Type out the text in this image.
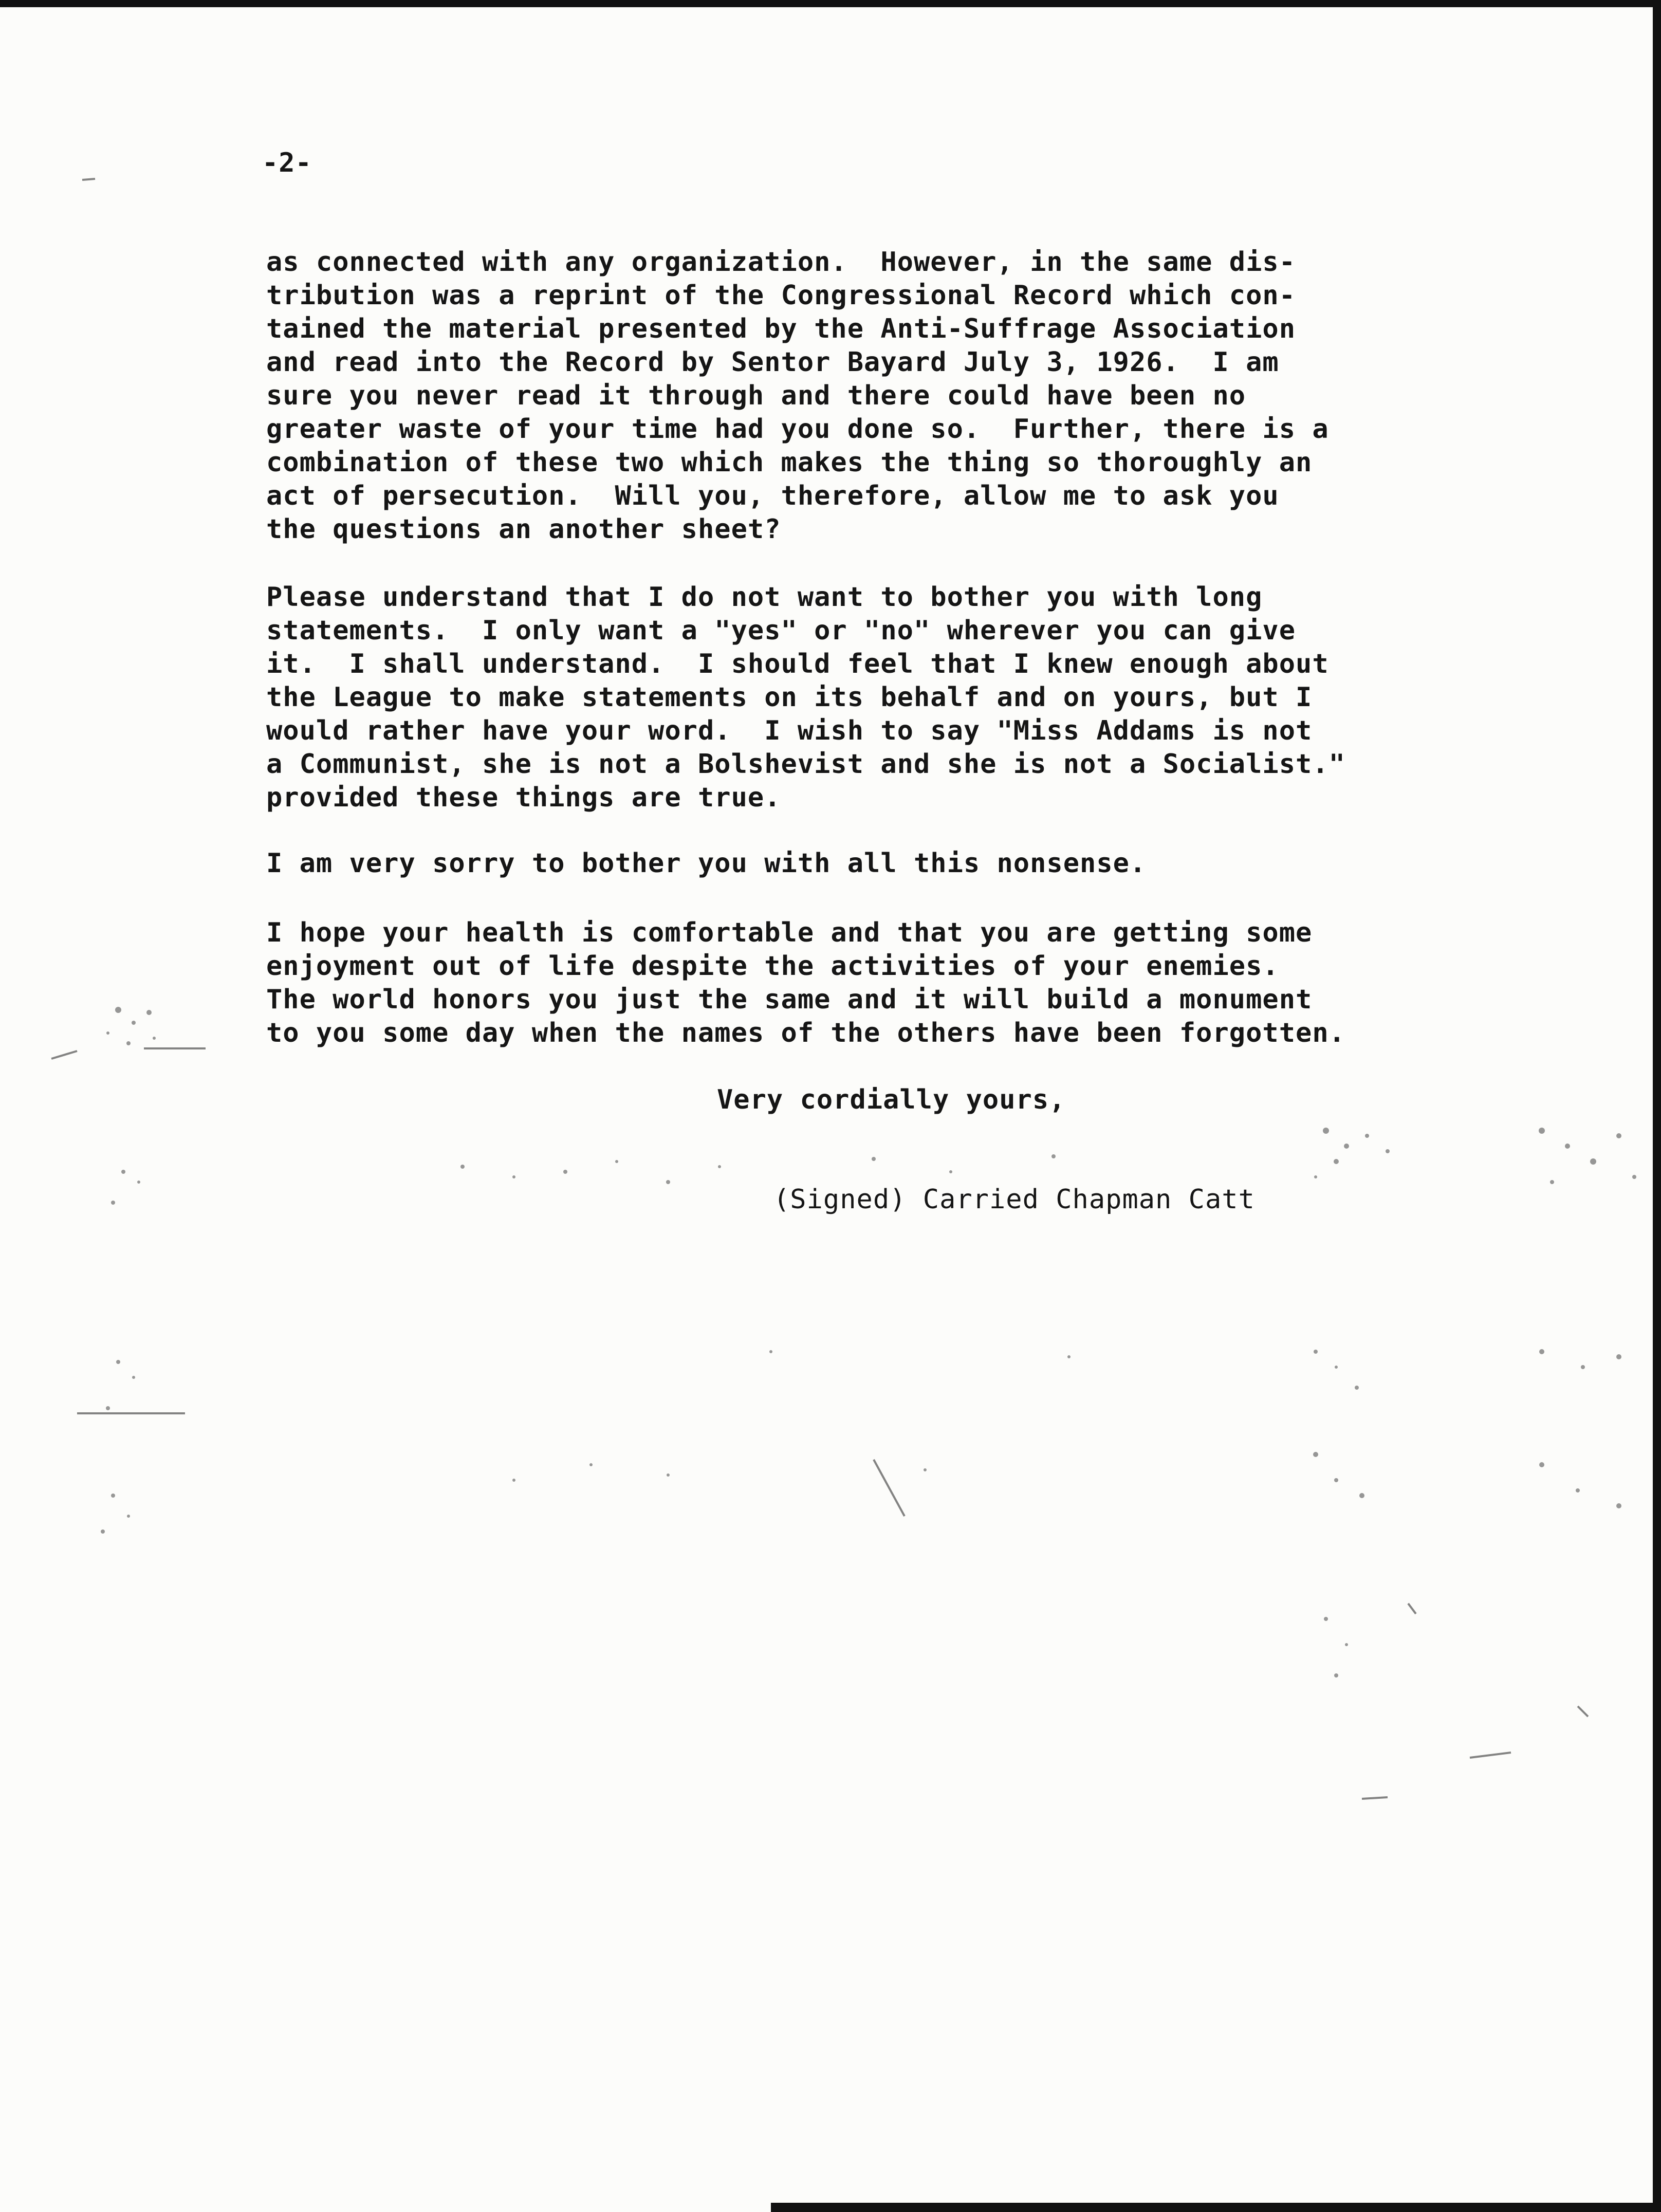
-2-

as connected with any organization.  However, in the same dis-
tribution was a reprint of the Congressional Record which con-
tained the material presented by the Anti-Suffrage Association
and read into the Record by Sentor Bayard July 3, 1926.  I am
sure you never read it through and there could have been no
greater waste of your time had you done so.  Further, there is a
combination of these two which makes the thing so thoroughly an
act of persecution.  Will you, therefore, allow me to ask you
the questions an another sheet?

Please understand that I do not want to bother you with long
statements.  I only want a "yes" or "no" wherever you can give
it.  I shall understand.  I should feel that I knew enough about
the League to make statements on its behalf and on yours, but I
would rather have your word.  I wish to say "Miss Addams is not
a Communist, she is not a Bolshevist and she is not a Socialist."
provided these things are true.

I am very sorry to bother you with all this nonsense.

I hope your health is comfortable and that you are getting some
enjoyment out of life despite the activities of your enemies.
The world honors you just the same and it will build a monument
to you some day when the names of the others have been forgotten.

Very cordially yours,

(Signed) Carried Chapman Catt
